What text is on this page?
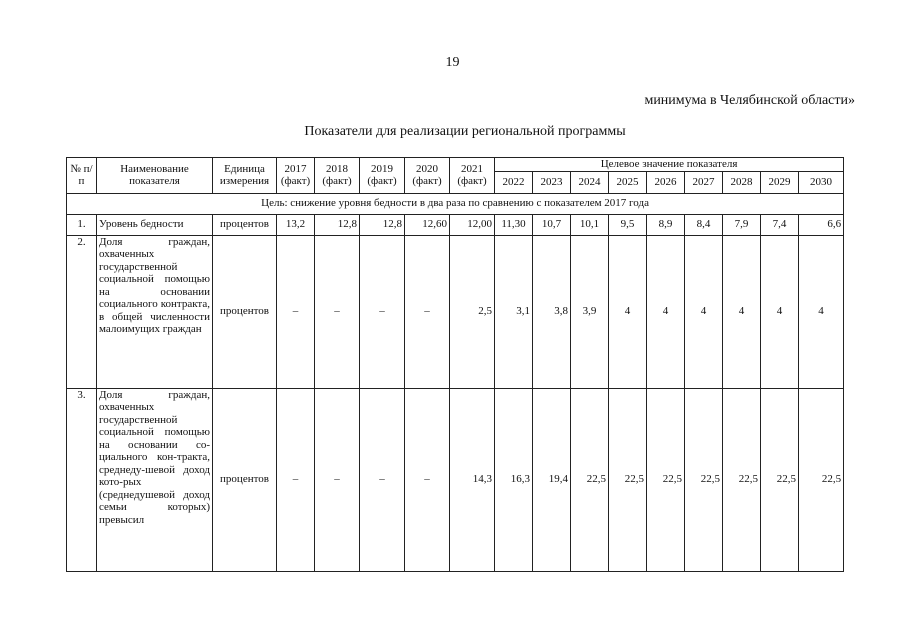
19
минимума в Челябинской области»
Показатели для реализации региональной программы
№ п/п	Наименование показателя	Единица измерения	2017 (факт)	2018 (факт)	2019 (факт)	2020 (факт)	2021 (факт)	Целевое значение показателя								
								2022	2023	2024	2025	2026	2027	2028	2029	2030
Цель: снижение уровня бедности в два раза по сравнению с показателем 2017 года																
1.	Уровень бедности	процентов	13,2	12,8	12,8	12,60	12,00	11,30	10,7	10,1	9,5	8,9	8,4	7,9	7,4	6,6
2.	Доля граждан, охваченных государственной социальной помощью на основании социального контракта, в общей численности малоимущих граждан	процентов	–	–	–	–	2,5	3,1	3,8	3,9	4	4	4	4	4	4
3.	Доля граждан, охваченных государственной социальной помощью на основании со-циального кон-тракта, среднеду-шевой доход кото-рых (среднедушевой доход семьи которых) превысил	процентов	–	–	–	–	14,3	16,3	19,4	22,5	22,5	22,5	22,5	22,5	22,5	22,5
